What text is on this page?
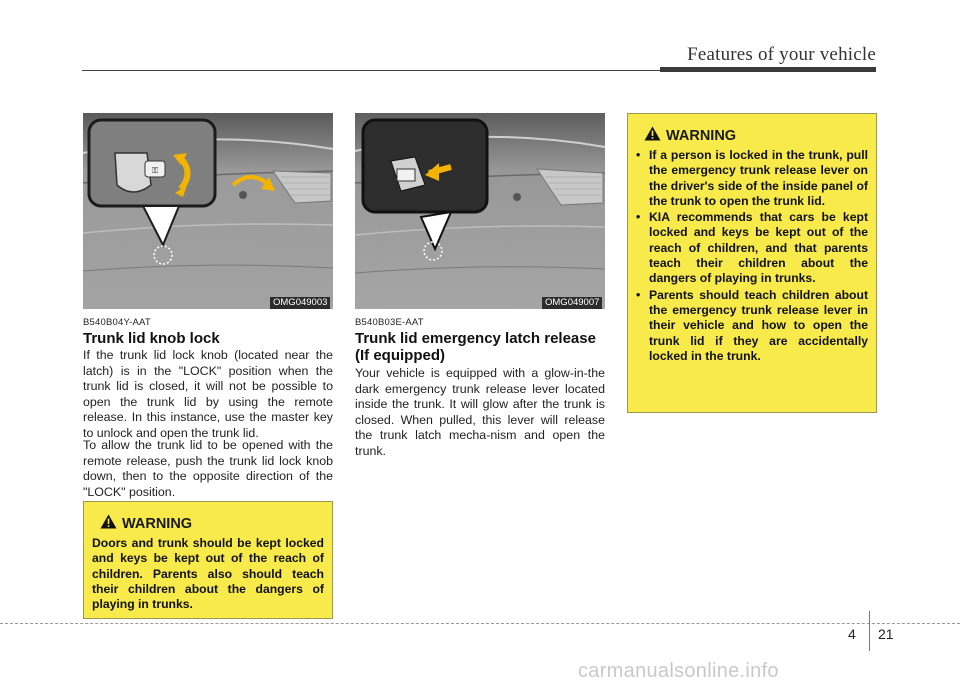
Features of your vehicle
⚿
OMG049003	OMG049007
B540B04Y-AAT
Trunk lid knob lock
If the trunk lid lock knob (located near the latch) is in the "LOCK" position when the trunk lid is closed, it will not be possible to open the trunk lid by using the remote release. In this instance, use the master key to unlock and open the trunk lid.
To allow the trunk lid to be opened with the remote release, push the trunk lid lock knob down, then to the opposite direction of the "LOCK" position.
WARNING
Doors and trunk should be kept locked and keys be kept out of the reach of children. Parents also should teach their children about the dangers of playing in trunks.
B540B03E-AAT
Trunk lid emergency latch release (If equipped)
Your vehicle is equipped with a glow-in-the dark emergency trunk release lever located inside the trunk. It will glow after the trunk is closed. When pulled, this lever will release the trunk latch mecha-nism and open the trunk.
WARNING
• If a person is locked in the trunk, pull the emergency trunk release lever on the driver's side of the inside panel of the trunk to open the trunk lid.
• KIA recommends that cars be kept locked and keys be kept out of the reach of children, and that parents teach their children about the dangers of playing in trunks.
• Parents should teach children about the emergency trunk release lever in their vehicle and how to open the trunk lid if they are accidentally locked in the trunk.
4 21
carmanualsonline.info
